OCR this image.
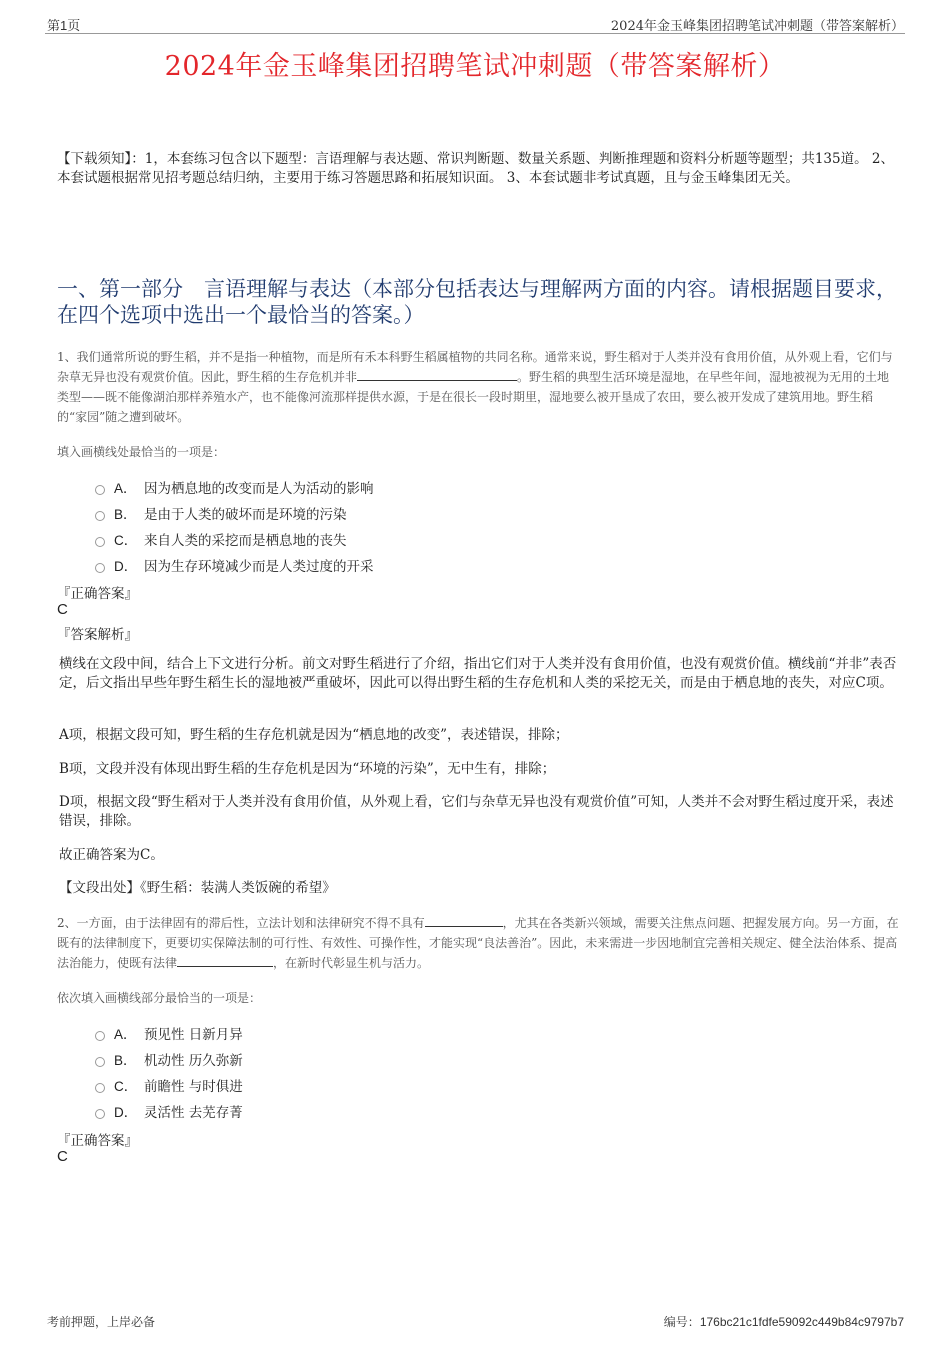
第1页	2024年金玉峰集团招聘笔试冲刺题（带答案解析）
2024年金玉峰集团招聘笔试冲刺题（带答案解析）
【下载须知】：1，本套练习包含以下题型：言语理解与表达题、常识判断题、数量关系题、判断推理题和资料分析题等题型；共135道。 2、本套试题根据常见招考题总结归纳，主要用于练习答题思路和拓展知识面。 3、本套试题非考试真题，且与金玉峰集团无关。
一、第一部分　言语理解与表达（本部分包括表达与理解两方面的内容。请根据题目要求，在四个选项中选出一个最恰当的答案。）
1、我们通常所说的野生稻，并不是指一种植物，而是所有禾本科野生稻属植物的共同名称。通常来说，野生稻对于人类并没有食用价值，从外观上看，它们与杂草无异也没有观赏价值。因此，野生稻的生存危机并非	。野生稻的典型生活环境是湿地，在早些年间，湿地被视为无用的土地类型——既不能像湖泊那样养殖水产，也不能像河流那样提供水源，于是在很长一段时期里，湿地要么被开垦成了农田，要么被开发成了建筑用地。野生稻的“家园”随之遭到破坏。
填入画横线处最恰当的一项是：
A． 因为栖息地的改变而是人为活动的影响
B． 是由于人类的破坏而是环境的污染
C． 来自人类的采挖而是栖息地的丧失
D． 因为生存环境减少而是人类过度的开采
『正确答案』
C
『答案解析』
横线在文段中间，结合上下文进行分析。前文对野生稻进行了介绍，指出它们对于人类并没有食用价值，也没有观赏价值。横线前“并非”表否定，后文指出早些年野生稻生长的湿地被严重破坏，因此可以得出野生稻的生存危机和人类的采挖无关，而是由于栖息地的丧失，对应C项。
A项，根据文段可知，野生稻的生存危机就是因为“栖息地的改变”，表述错误，排除；
B项，文段并没有体现出野生稻的生存危机是因为“环境的污染”，无中生有，排除；
D项，根据文段“野生稻对于人类并没有食用价值，从外观上看，它们与杂草无异也没有观赏价值”可知，人类并不会对野生稻过度开采，表述错误，排除。
故正确答案为C。
【文段出处】《野生稻：装满人类饭碗的希望》
2、一方面，由于法律固有的滞后性，立法计划和法律研究不得不具有	，尤其在各类新兴领域，需要关注焦点问题、把握发展方向。另一方面，在既有的法律制度下，更要切实保障法制的可行性、有效性、可操作性，才能实现“良法善治”。因此，未来需进一步因地制宜完善相关规定、健全法治体系、提高法治能力，使既有法律	，在新时代彰显生机与活力。
依次填入画横线部分最恰当的一项是：
A． 预见性 日新月异
B． 机动性 历久弥新
C． 前瞻性 与时俱进
D． 灵活性 去芜存菁
『正确答案』
C
考前押题，上岸必备	编号：176bc21c1fdfe59092c449b84c9797b7
